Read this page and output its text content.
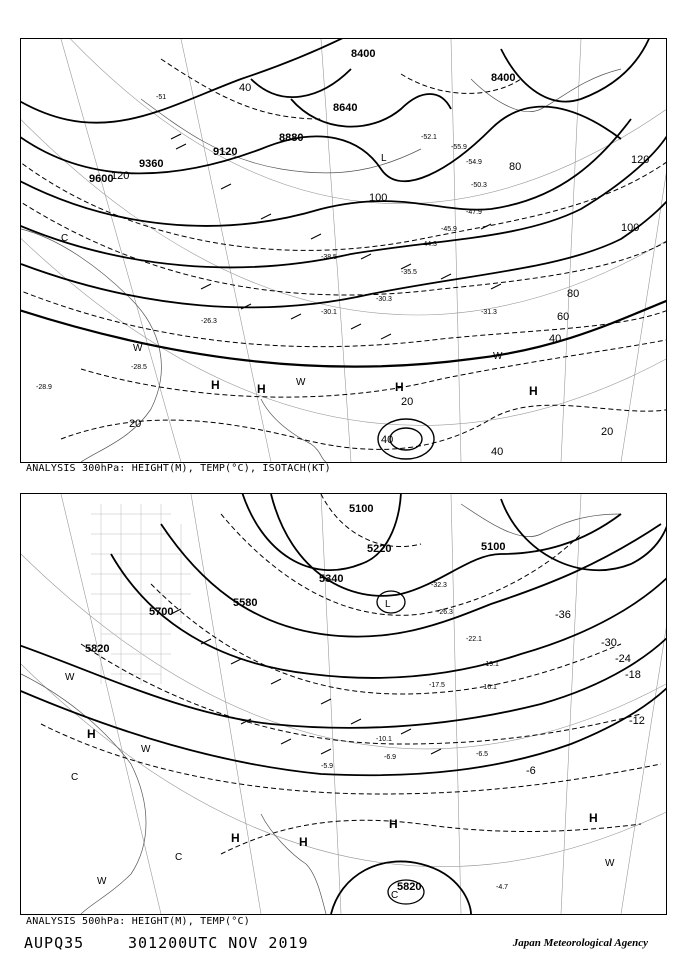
8400
8400
8640
8880
9120
9360
9600
120
120
100
100
80
80
60
40
40
40
20
20
20
40
-51
-52.1
-55.9
-54.9
-50.3
-47.9
-45.9
-44.3
-38.5
-35.5
-30.3
-30.1	-31.3
-28.5
-26.3
-28.9	H	H	H	H
W
W
W
C
L
ANALYSIS 300hPa: HEIGHT(M), TEMP(°C), ISOTACH(KT)
5100
5100
5220
5340
5580
5700
5820
5820
-36
-30
-24
-18
-12
-6
-32.3
-26.3
-22.1
-19.1
-17.5	-16.1
-10.1
-6.9	-6.5
-5.9
-4.7
H
H	H
H	H
W
W
W
W
C
C
L
C
ANALYSIS 500hPa: HEIGHT(M), TEMP(°C)
AUPQ35	301200UTC NOV 2019	Japan Meteorological Agency
